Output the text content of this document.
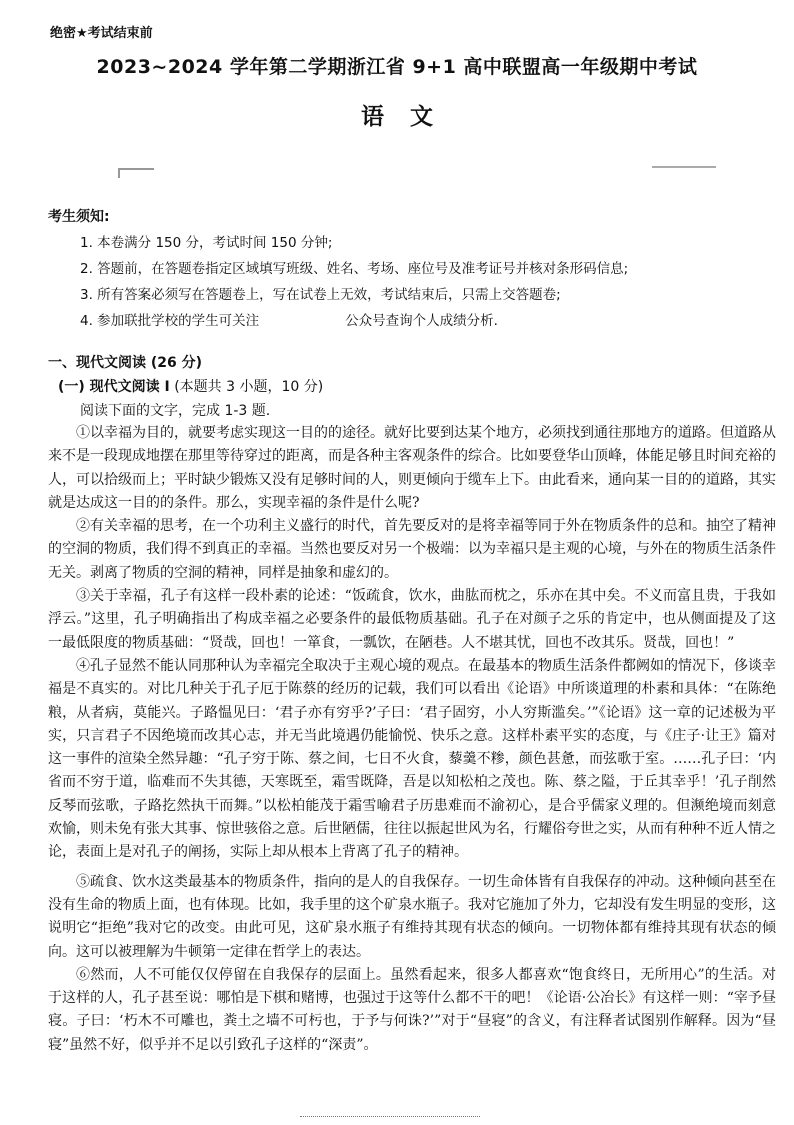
绝密★考试结束前
2023~2024 学年第二学期浙江省 9+1 高中联盟高一年级期中考试
语文
考生须知:
1. 本卷满分 150 分，考试时间 150 分钟;
2. 答题前，在答题卷指定区域填写班级、姓名、考场、座位号及准考证号并核对条形码信息;
3. 所有答案必须写在答题卷上，写在试卷上无效，考试结束后，只需上交答题卷;
4. 参加联批学校的学生可关注	公众号查询个人成绩分析.
一、现代文阅读 (26 分)
(一) 现代文阅读 I (本题共 3 小题，10 分)
阅读下面的文字，完成 1-3 题.

①以幸福为目的，就要考虑实现这一目的的途径。就好比要到达某个地方，必须找到通往那地方的道路。但道路从来不是一段现成地摆在那里等待穿过的距离，而是各种主客观条件的综合。比如要登华山顶峰，体能足够且时间充裕的人，可以拾级而上；平时缺少锻炼又没有足够时间的人，则更倾向于缆车上下。由此看来，通向某一目的的道路，其实就是达成这一目的的条件。那么，实现幸福的条件是什么呢?

②有关幸福的思考，在一个功利主义盛行的时代，首先要反对的是将幸福等同于外在物质条件的总和。抽空了精神的空洞的物质，我们得不到真正的幸福。当然也要反对另一个极端：以为幸福只是主观的心境，与外在的物质生活条件无关。剥离了物质的空洞的精神，同样是抽象和虚幻的。

③关于幸福，孔子有这样一段朴素的论述：“饭疏食，饮水，曲肱而枕之，乐亦在其中矣。不义而富且贵，于我如浮云。”这里，孔子明确指出了构成幸福之必要条件的最低物质基础。孔子在对颜子之乐的肯定中，也从侧面提及了这一最低限度的物质基础：“贤哉，回也！一箪食，一瓢饮，在陋巷。人不堪其忧，回也不改其乐。贤哉，回也！”

④孔子显然不能认同那种认为幸福完全取决于主观心境的观点。在最基本的物质生活条件都阙如的情况下，侈谈幸福是不真实的。对比几种关于孔子厄于陈蔡的经历的记载，我们可以看出《论语》中所谈道理的朴素和具体：“在陈绝粮，从者病，莫能兴。子路愠见曰：‘君子亦有穷乎?’子曰：‘君子固穷，小人穷斯滥矣。’”《论语》这一章的记述极为平实，只言君子不因绝境而改其心志，并无当此境遇仍能愉悦、快乐之意。这样朴素平实的态度，与《庄子·让王》篇对这一事件的渲染全然异趣：“孔子穷于陈、蔡之间，七日不火食，藜羹不糁，颜色甚惫，而弦歌于室。……孔子曰：‘内省而不穷于道，临难而不失其德，天寒既至，霜雪既降，吾是以知松柏之茂也。陈、蔡之隘，于丘其幸乎！’孔子削然反琴而弦歌，子路扢然执干而舞。”以松柏能茂于霜雪喻君子历患难而不渝初心，是合乎儒家义理的。但濒绝境而刻意欢愉，则未免有张大其事、惊世骇俗之意。后世陋儒，往往以振起世风为名，行耀俗夸世之实，从而有种种不近人情之论，表面上是对孔子的阐扬，实际上却从根本上背离了孔子的精神。

⑤疏食、饮水这类最基本的物质条件，指向的是人的自我保存。一切生命体皆有自我保存的冲动。这种倾向甚至在没有生命的物质上面，也有体现。比如，我手里的这个矿泉水瓶子。我对它施加了外力，它却没有发生明显的变形，这说明它“拒绝”我对它的改变。由此可见，这矿泉水瓶子有维持其现有状态的倾向。一切物体都有维持其现有状态的倾向。这可以被理解为牛顿第一定律在哲学上的表达。

⑥然而，人不可能仅仅停留在自我保存的层面上。虽然看起来，很多人都喜欢“饱食终日，无所用心”的生活。对于这样的人，孔子甚至说：哪怕是下棋和赌博，也强过于这等什么都不干的吧！《论语·公冶长》有这样一则：“宰予昼寝。子曰：‘朽木不可雕也，粪土之墙不可杇也，于予与何诛?’”对于“昼寝”的含义，有注释者试图别作解释。因为“昼寝”虽然不好，似乎并不足以引致孔子这样的“深责”。
